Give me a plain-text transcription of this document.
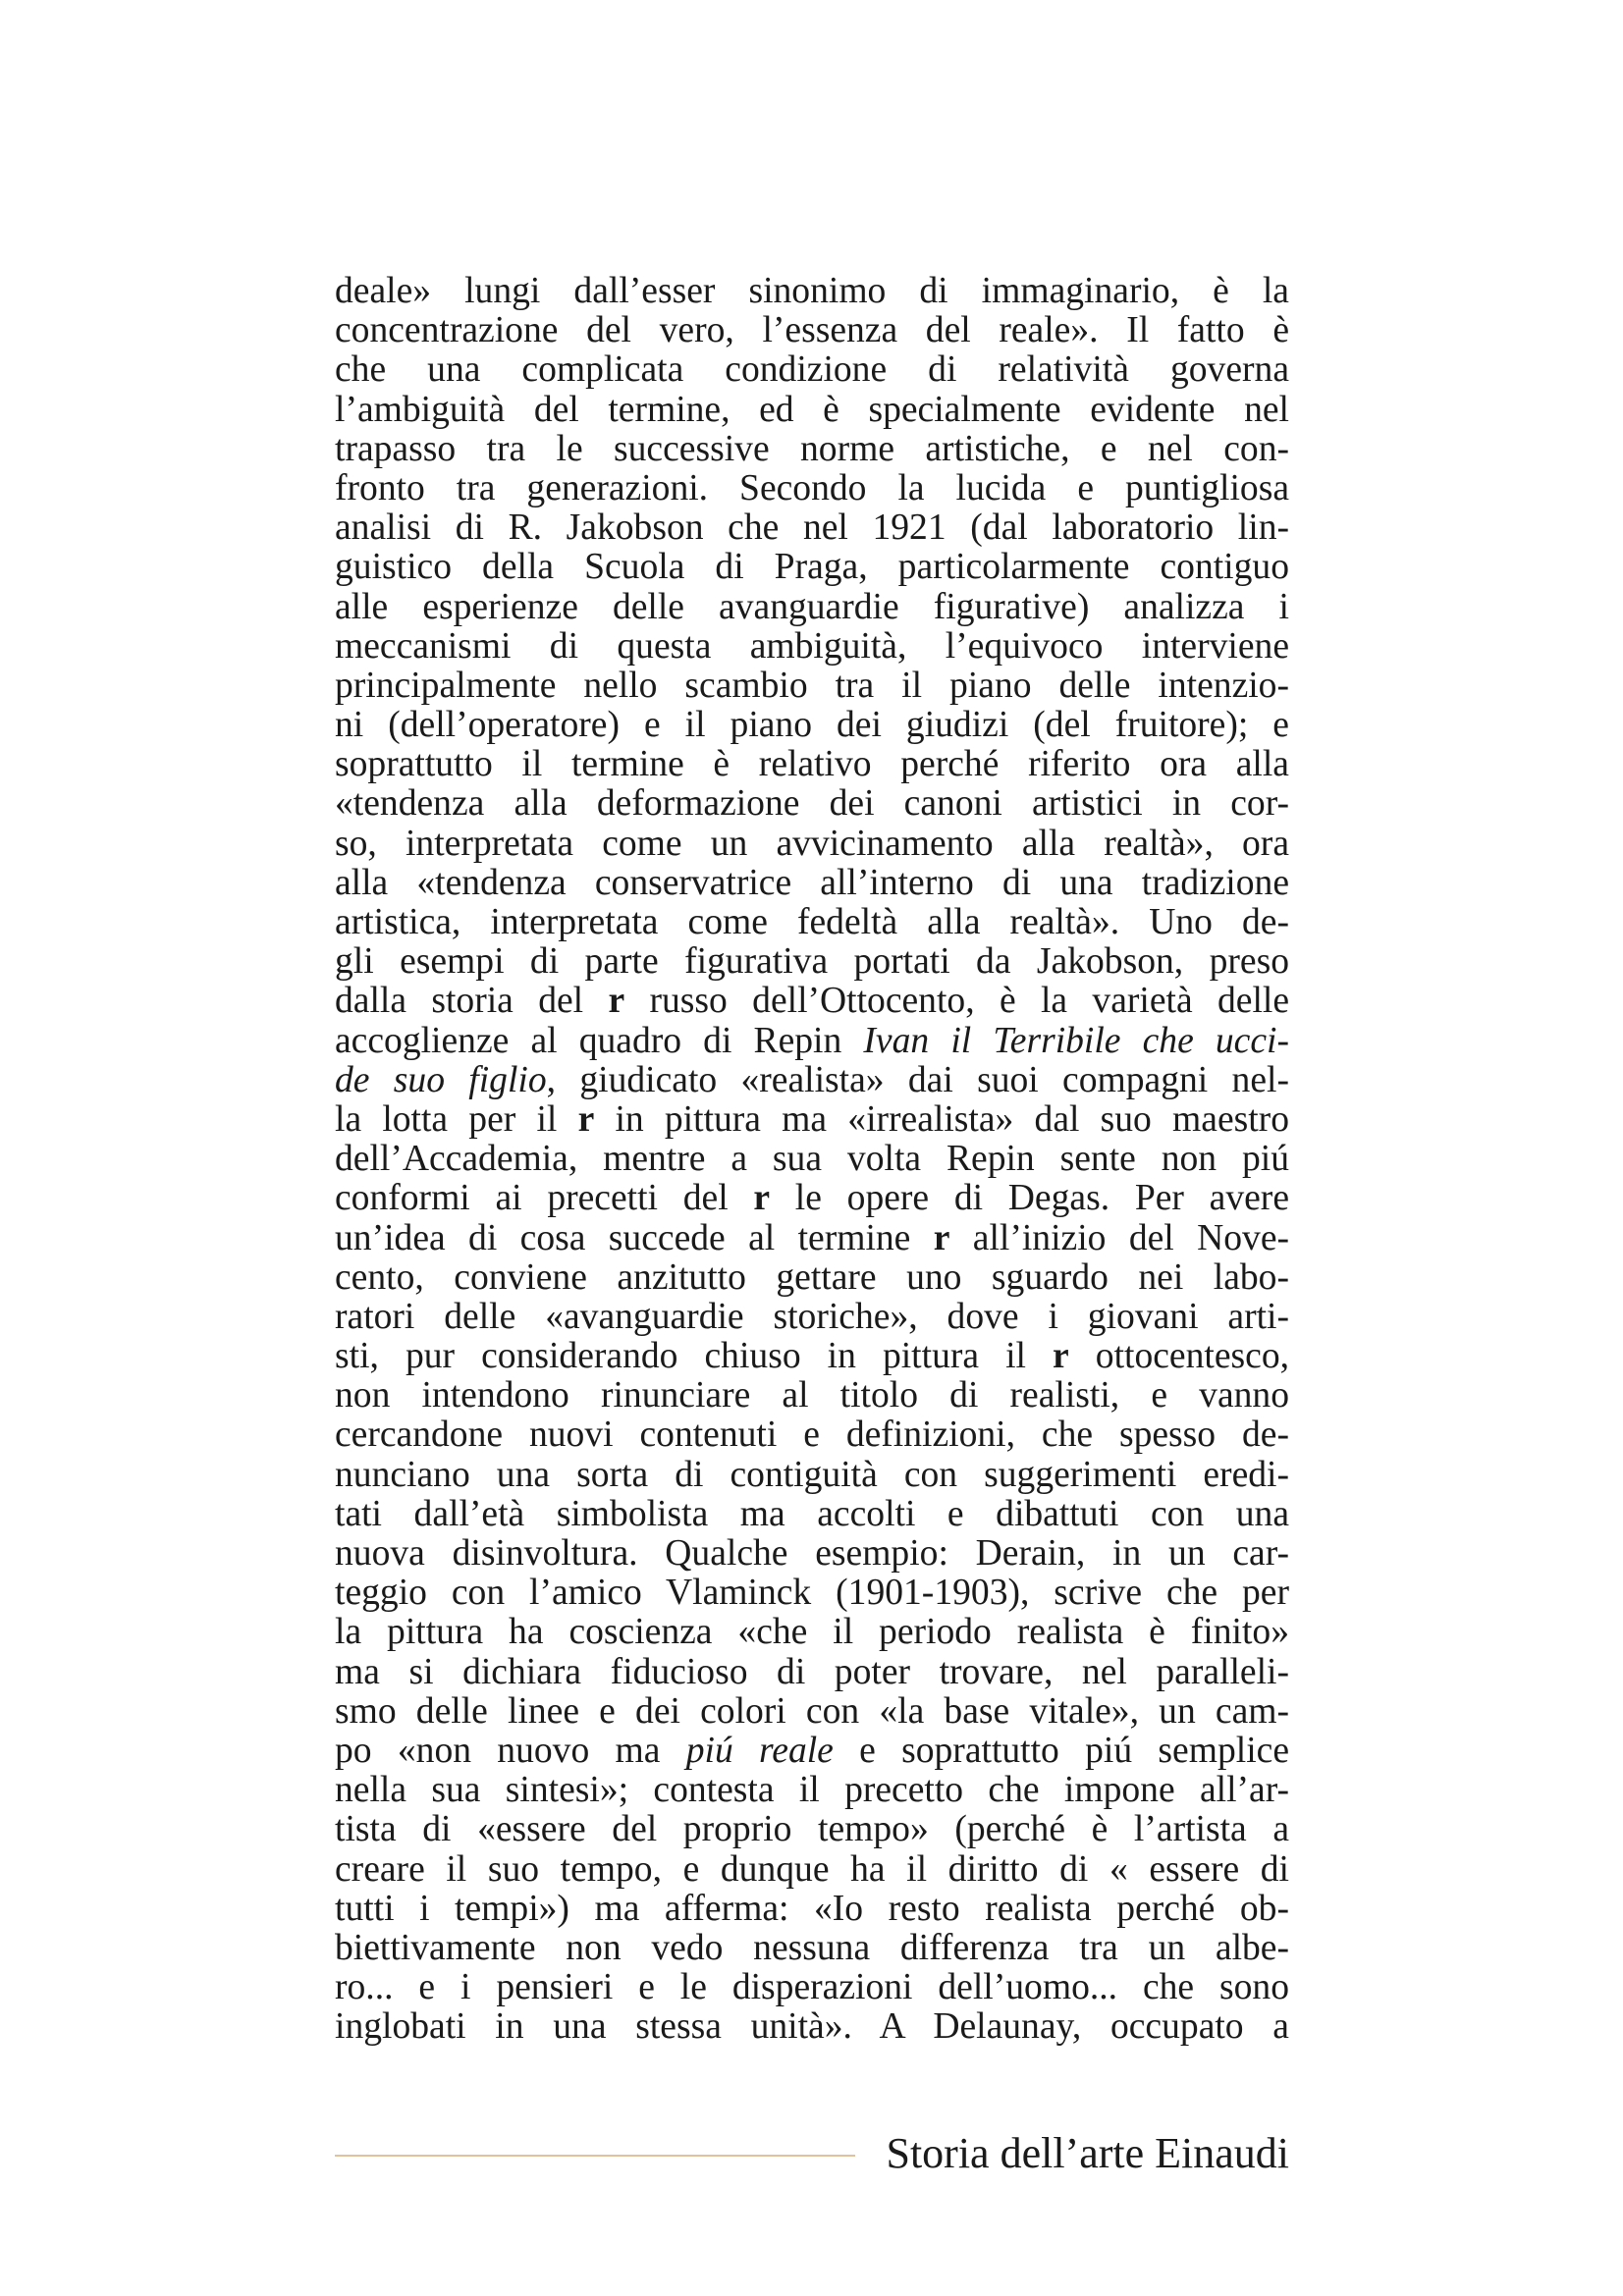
deale» lungi dall’esser sinonimo di immaginario, è la
concentrazione del vero, l’essenza del reale». Il fatto è
che una complicata condizione di relatività governa
l’ambiguità del termine, ed è specialmente evidente nel
trapasso tra le successive norme artistiche, e nel con-
fronto tra generazioni. Secondo la lucida e puntigliosa
analisi di R. Jakobson che nel 1921 (dal laboratorio lin-
guistico della Scuola di Praga, particolarmente contiguo
alle esperienze delle avanguardie figurative) analizza i
meccanismi di questa ambiguità, l’equivoco interviene
principalmente nello scambio tra il piano delle intenzio-
ni (dell’operatore) e il piano dei giudizi (del fruitore); e
soprattutto il termine è relativo perché riferito ora alla
«tendenza alla deformazione dei canoni artistici in cor-
so, interpretata come un avvicinamento alla realtà», ora
alla «tendenza conservatrice all’interno di una tradizione
artistica, interpretata come fedeltà alla realtà». Uno de-
gli esempi di parte figurativa portati da Jakobson, preso
dalla storia del r russo dell’Ottocento, è la varietà delle
accoglienze al quadro di Repin Ivan il Terribile che ucci-
de suo figlio, giudicato «realista» dai suoi compagni nel-
la lotta per il r in pittura ma «irrealista» dal suo maestro
dell’Accademia, mentre a sua volta Repin sente non piú
conformi ai precetti del r le opere di Degas. Per avere
un’idea di cosa succede al termine r all’inizio del Nove-
cento, conviene anzitutto gettare uno sguardo nei labo-
ratori delle «avanguardie storiche», dove i giovani arti-
sti, pur considerando chiuso in pittura il r ottocentesco,
non intendono rinunciare al titolo di realisti, e vanno
cercandone nuovi contenuti e definizioni, che spesso de-
nunciano una sorta di contiguità con suggerimenti eredi-
tati dall’età simbolista ma accolti e dibattuti con una
nuova disinvoltura. Qualche esempio: Derain, in un car-
teggio con l’amico Vlaminck (1901-1903), scrive che per
la pittura ha coscienza «che il periodo realista è finito»
ma si dichiara fiducioso di poter trovare, nel paralleli-
smo delle linee e dei colori con «la base vitale», un cam-
po «non nuovo ma piú reale e soprattutto piú semplice
nella sua sintesi»; contesta il precetto che impone all’ar-
tista di «essere del proprio tempo» (perché è l’artista a
creare il suo tempo, e dunque ha il diritto di « essere di
tutti i tempi») ma afferma: «Io resto realista perché ob-
biettivamente non vedo nessuna differenza tra un albe-
ro... e i pensieri e le disperazioni dell’uomo... che sono
inglobati in una stessa unità». A Delaunay, occupato a
Storia dell’arte Einaudi
